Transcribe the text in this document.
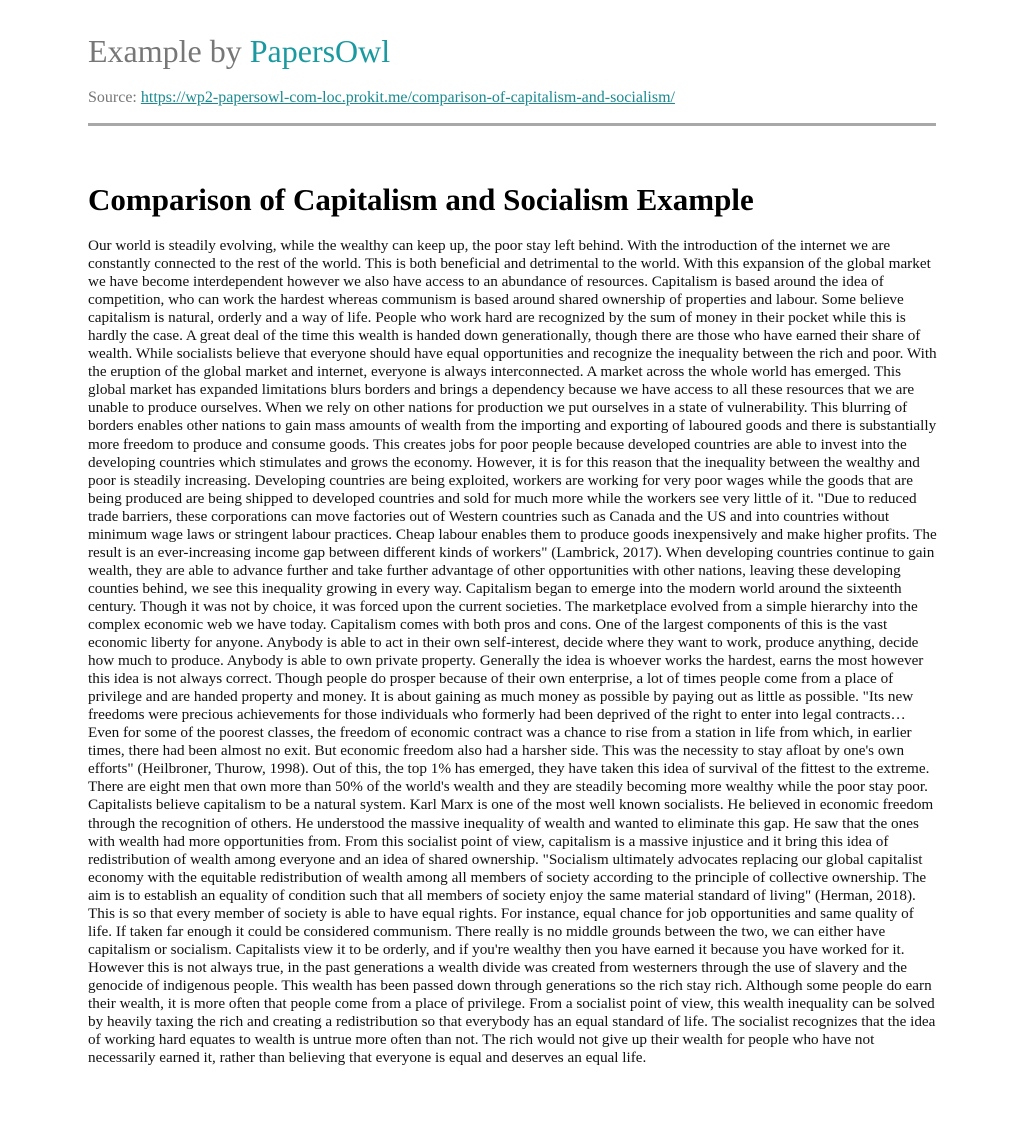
Example by PapersOwl
Source: https://wp2-papersowl-com-loc.prokit.me/comparison-of-capitalism-and-socialism/
Comparison of Capitalism and Socialism Example

Our world is steadily evolving, while the wealthy can keep up, the poor stay left behind. With the introduction of the internet we are constantly connected to the rest of the world. This is both beneficial and detrimental to the world. With this expansion of the global market we have become interdependent however we also have access to an abundance of resources. Capitalism is based around the idea of competition, who can work the hardest whereas communism is based around shared ownership of properties and labour. Some believe capitalism is natural, orderly and a way of life. People who work hard are recognized by the sum of money in their pocket while this is hardly the case. A great deal of the time this wealth is handed down generationally, though there are those who have earned their share of wealth. While socialists believe that everyone should have equal opportunities and recognize the inequality between the rich and poor. With the eruption of the global market and internet, everyone is always interconnected. A market across the whole world has emerged. This global market has expanded limitations blurs borders and brings a dependency because we have access to all these resources that we are unable to produce ourselves. When we rely on other nations for production we put ourselves in a state of vulnerability. This blurring of borders enables other nations to gain mass amounts of wealth from the importing and exporting of laboured goods and there is substantially more freedom to produce and consume goods. This creates jobs for poor people because developed countries are able to invest into the developing countries which stimulates and grows the economy. However, it is for this reason that the inequality between the wealthy and poor is steadily increasing. Developing countries are being exploited, workers are working for very poor wages while the goods that are being produced are being shipped to developed countries and sold for much more while the workers see very little of it. "Due to reduced trade barriers, these corporations can move factories out of Western countries such as Canada and the US and into countries without minimum wage laws or stringent labour practices. Cheap labour enables them to produce goods inexpensively and make higher profits. The result is an ever-increasing income gap between different kinds of workers" (Lambrick, 2017). When developing countries continue to gain wealth, they are able to advance further and take further advantage of other opportunities with other nations, leaving these developing counties behind, we see this inequality growing in every way. Capitalism began to emerge into the modern world around the sixteenth century. Though it was not by choice, it was forced upon the current societies. The marketplace evolved from a simple hierarchy into the complex economic web we have today. Capitalism comes with both pros and cons. One of the largest components of this is the vast economic liberty for anyone. Anybody is able to act in their own self-interest, decide where they want to work, produce anything, decide how much to produce. Anybody is able to own private property. Generally the idea is whoever works the hardest, earns the most however this idea is not always correct. Though people do prosper because of their own enterprise, a lot of times people come from a place of privilege and are handed property and money. It is about gaining as much money as possible by paying out as little as possible. "Its new freedoms were precious achievements for those individuals who formerly had been deprived of the right to enter into legal contracts… Even for some of the poorest classes, the freedom of economic contract was a chance to rise from a station in life from which, in earlier times, there had been almost no exit. But economic freedom also had a harsher side. This was the necessity to stay afloat by one's own efforts" (Heilbroner, Thurow, 1998). Out of this, the top 1% has emerged, they have taken this idea of survival of the fittest to the extreme. There are eight men that own more than 50% of the world's wealth and they are steadily becoming more wealthy while the poor stay poor. Capitalists believe capitalism to be a natural system. Karl Marx is one of the most well known socialists. He believed in economic freedom through the recognition of others. He understood the massive inequality of wealth and wanted to eliminate this gap. He saw that the ones with wealth had more opportunities from. From this socialist point of view, capitalism is a massive injustice and it bring this idea of redistribution of wealth among everyone and an idea of shared ownership. "Socialism ultimately advocates replacing our global capitalist economy with the equitable redistribution of wealth among all members of society according to the principle of collective ownership. The aim is to establish an equality of condition such that all members of society enjoy the same material standard of living" (Herman, 2018). This is so that every member of society is able to have equal rights. For instance, equal chance for job opportunities and same quality of life. If taken far enough it could be considered communism. There really is no middle grounds between the two, we can either have capitalism or socialism. Capitalists view it to be orderly, and if you're wealthy then you have earned it because you have worked for it. However this is not always true, in the past generations a wealth divide was created from westerners through the use of slavery and the genocide of indigenous people. This wealth has been passed down through generations so the rich stay rich. Although some people do earn their wealth, it is more often that people come from a place of privilege. From a socialist point of view, this wealth inequality can be solved by heavily taxing the rich and creating a redistribution so that everybody has an equal standard of life. The socialist recognizes that the idea of working hard equates to wealth is untrue more often than not. The rich would not give up their wealth for people who have not necessarily earned it, rather than believing that everyone is equal and deserves an equal life.
